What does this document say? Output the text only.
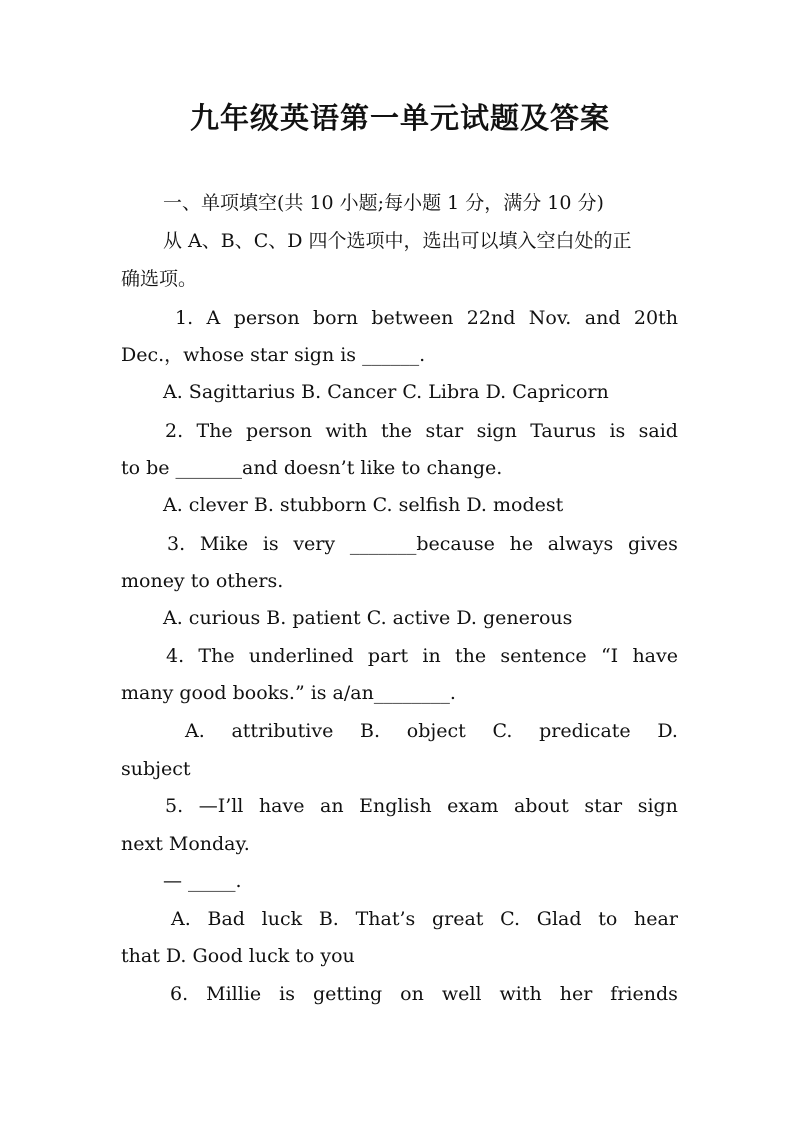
九年级英语第一单元试题及答案
一、单项填空(共 10 小题;每小题 1 分，满分 10 分)
从 A、B、C、D 四个选项中，选出可以填入空白处的正
确选项。
1. A person born between 22nd Nov. and 20th
Dec.，whose star sign is ______.
A. Sagittarius B. Cancer C. Libra D. Capricorn
2. The person with the star sign Taurus is said
to be _______and doesn’t like to change.
A. clever B. stubborn C. selfish D. modest
3. Mike is very _______because he always gives
money to others.
A. curious B. patient C. active D. generous
4. The underlined part in the sentence “I have
many good books.” is a/an________.
A. attributive B. object C. predicate D.
subject
5. —I’ll have an English exam about star sign
next Monday.
— _____.
A. Bad luck B. That’s great C. Glad to hear
that D. Good luck to you
6. Millie is getting on well with her friends
